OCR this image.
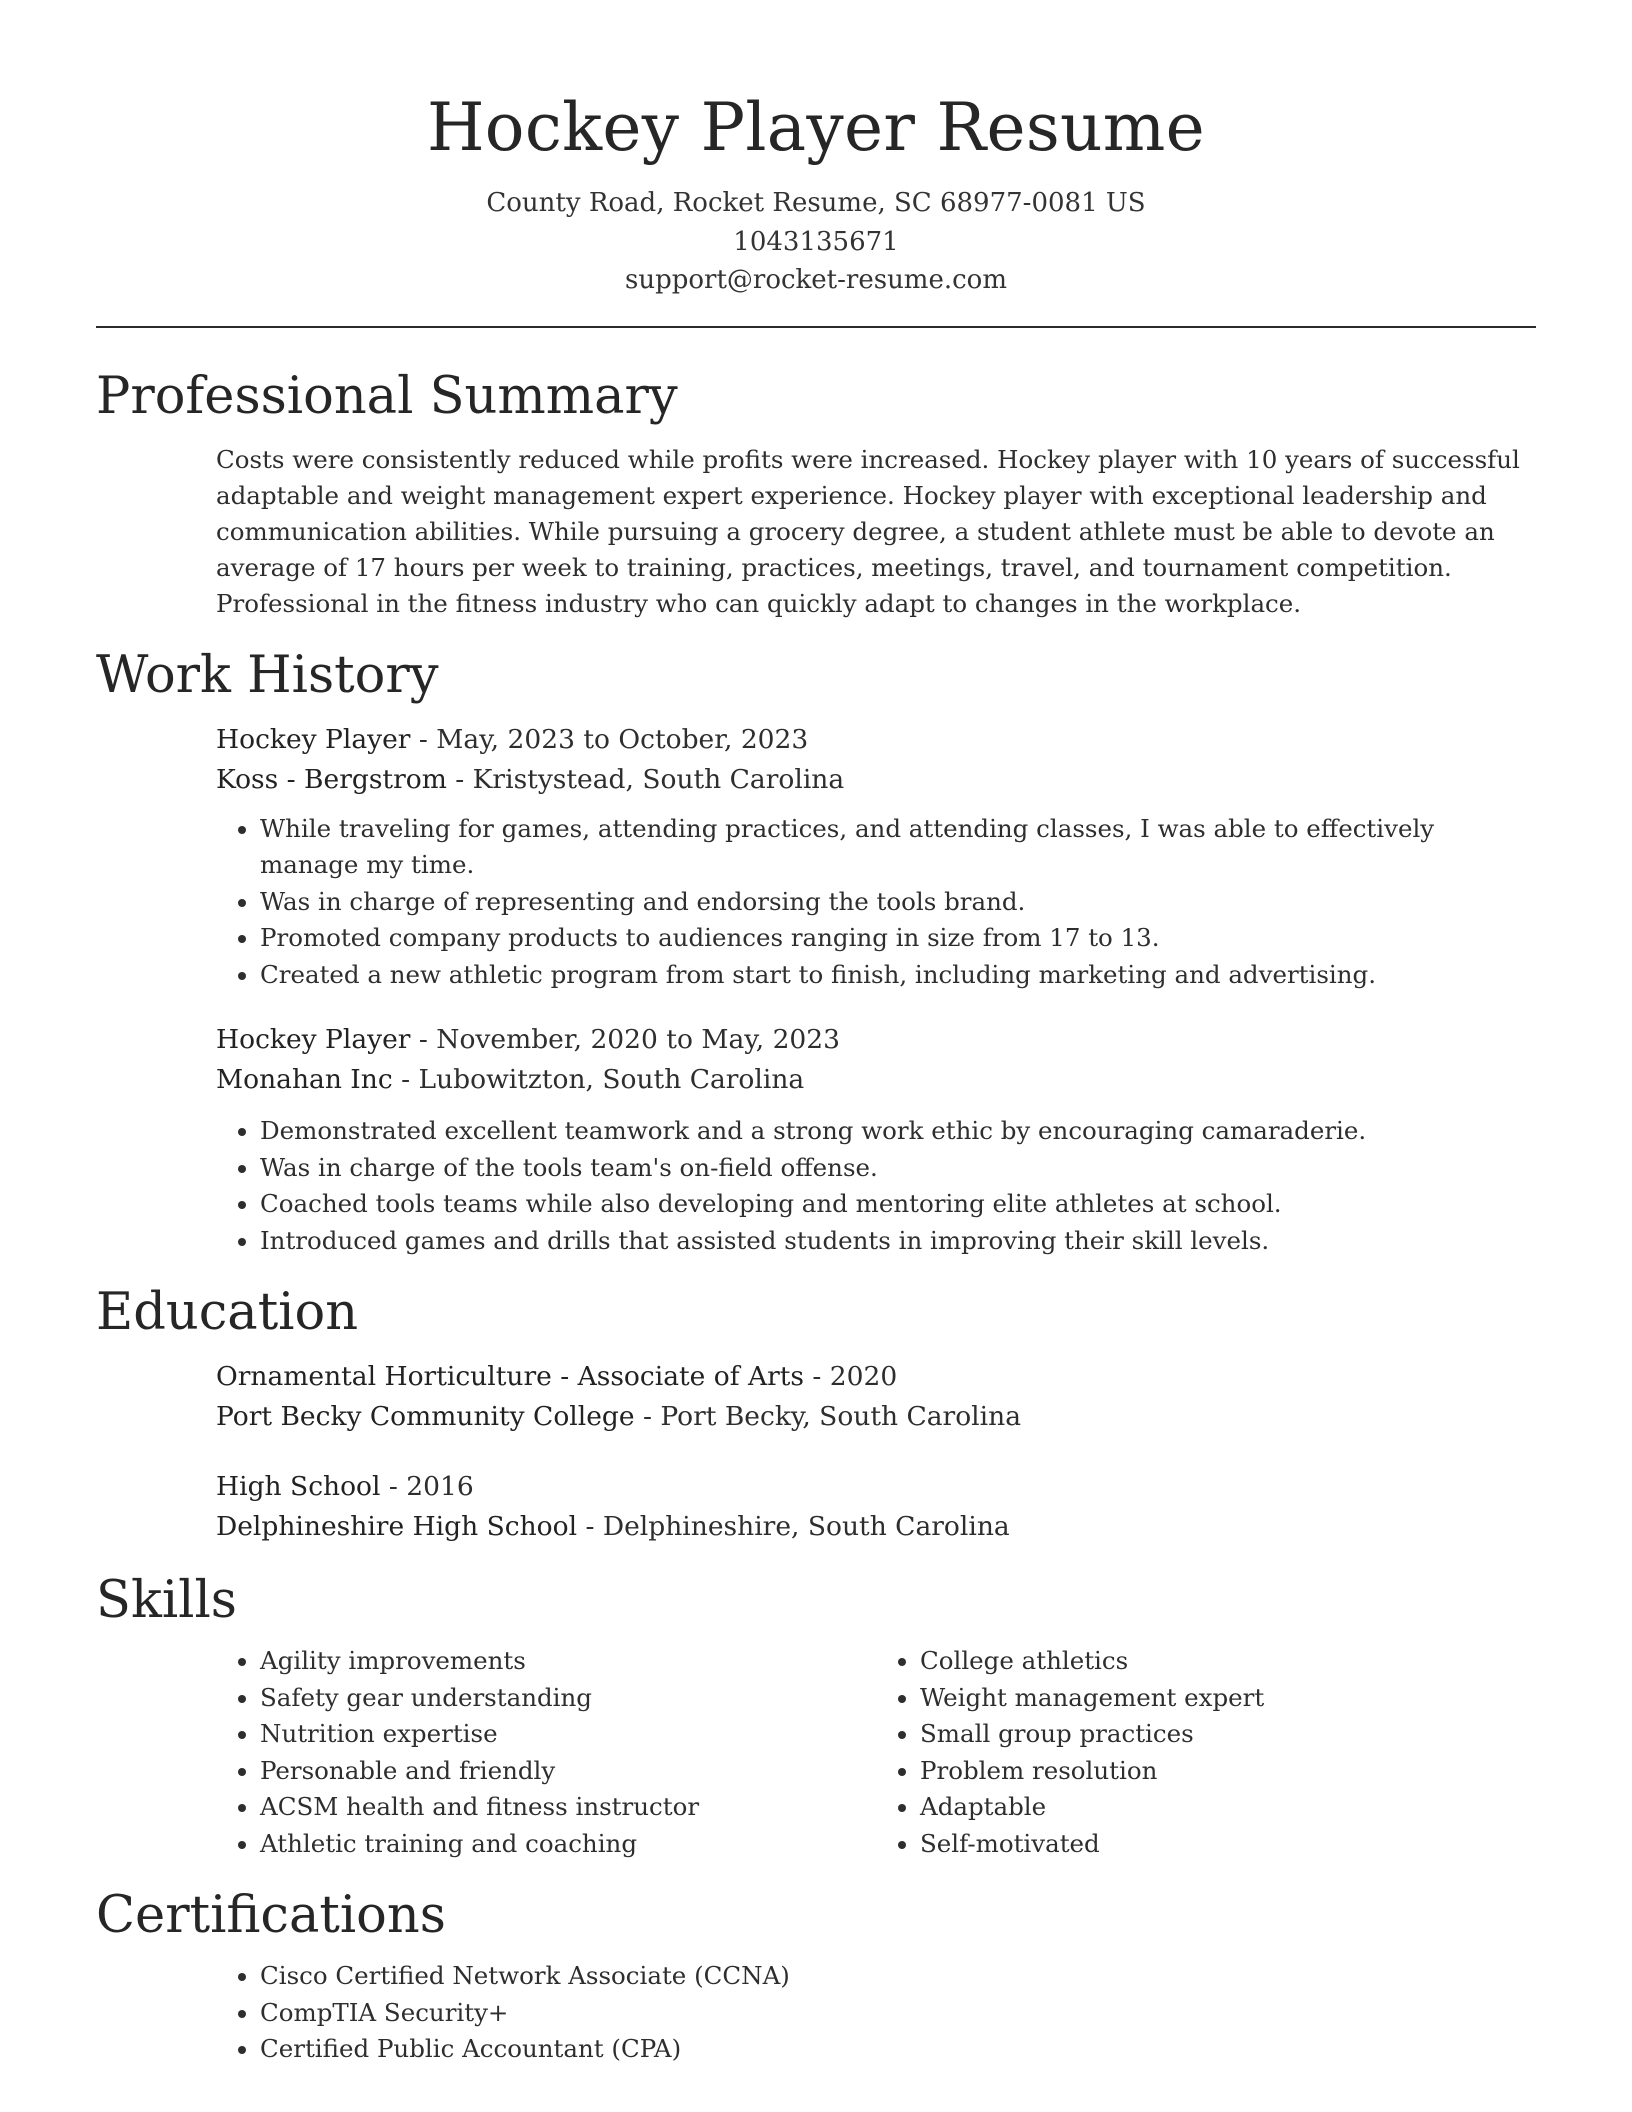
Hockey Player Resume
County Road, Rocket Resume, SC 68977-0081 US
1043135671
support@rocket-resume.com
Professional Summary

Costs were consistently reduced while profits were increased. Hockey player with 10 years of successful adaptable and weight management expert experience. Hockey player with exceptional leadership and communication abilities. While pursuing a grocery degree, a student athlete must be able to devote an average of 17 hours per week to training, practices, meetings, travel, and tournament competition. Professional in the fitness industry who can quickly adapt to changes in the workplace.

Work History
Hockey Player - May, 2023 to October, 2023
Koss - Bergstrom - Kristystead, South Carolina
• While traveling for games, attending practices, and attending classes, I was able to effectively manage my time.
• Was in charge of representing and endorsing the tools brand.
• Promoted company products to audiences ranging in size from 17 to 13.
• Created a new athletic program from start to finish, including marketing and advertising.
Hockey Player - November, 2020 to May, 2023
Monahan Inc - Lubowitzton, South Carolina
• Demonstrated excellent teamwork and a strong work ethic by encouraging camaraderie.
• Was in charge of the tools team's on-field offense.
• Coached tools teams while also developing and mentoring elite athletes at school.
• Introduced games and drills that assisted students in improving their skill levels.
Education
Ornamental Horticulture - Associate of Arts - 2020
Port Becky Community College - Port Becky, South Carolina
High School - 2016
Delphineshire High School - Delphineshire, South Carolina
Skills
• Agility improvements
• Safety gear understanding
• Nutrition expertise
• Personable and friendly
• ACSM health and fitness instructor
• Athletic training and coaching
• College athletics
• Weight management expert
• Small group practices
• Problem resolution
• Adaptable
• Self-motivated
Certifications
• Cisco Certified Network Associate (CCNA)
• CompTIA Security+
• Certified Public Accountant (CPA)
